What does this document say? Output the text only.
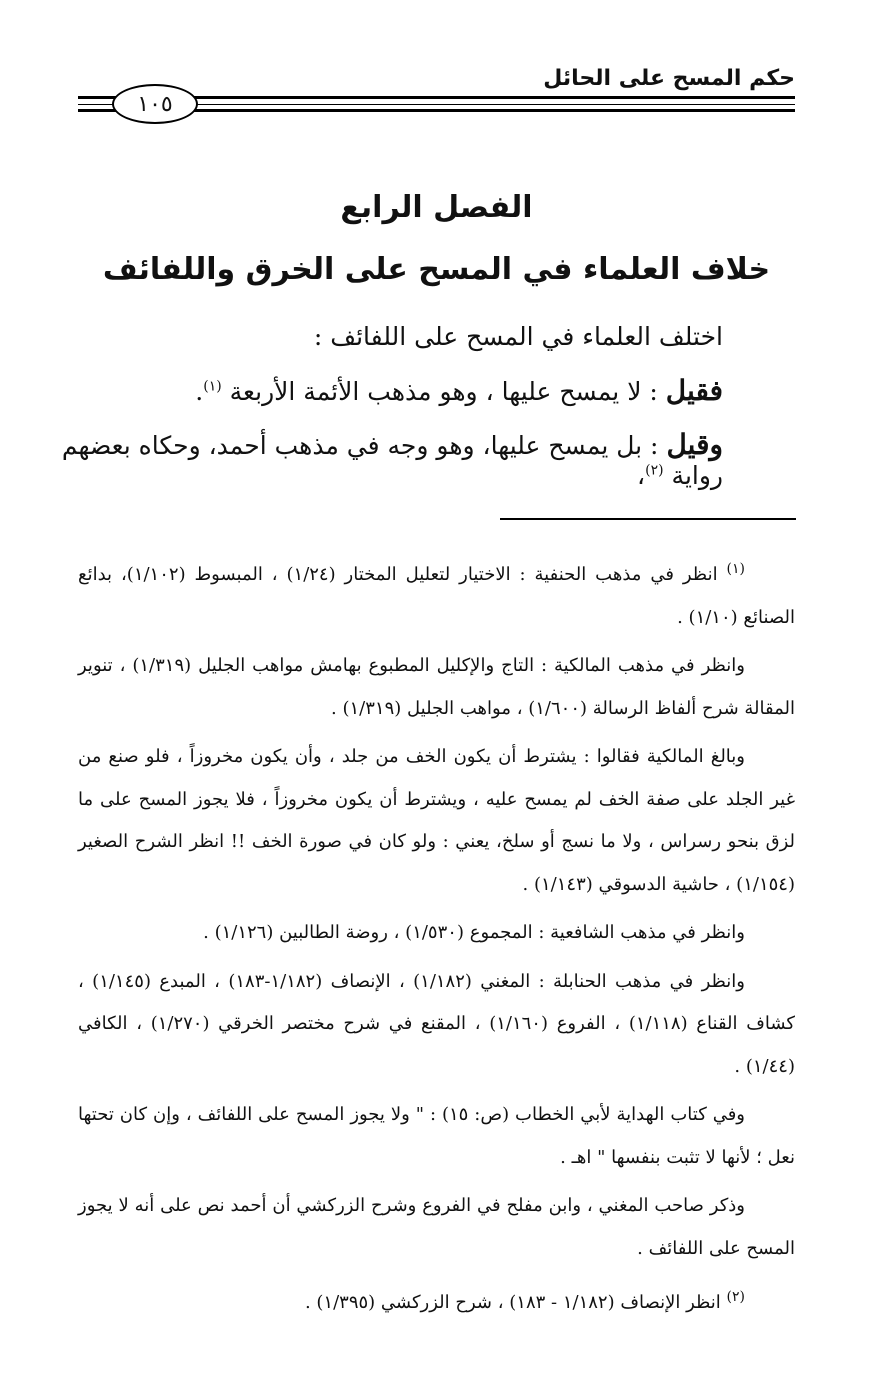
حكم المسح على الحائل
١٠٥
الفصل الرابع
خلاف العلماء في المسح على الخرق واللفائف
اختلف العلماء في المسح على اللفائف :
فقيل : لا يمسح عليها ، وهو مذهب الأئمة الأربعة $^{(١)}$.
وقيل : بل يمسح عليها، وهو وجه في مذهب أحمد، وحكاه بعضهم رواية $^{(٢)}$،

$^{(١)}$ انظر في مذهب الحنفية : الاختيار لتعليل المختار (١/٢٤) ، المبسوط (١/١٠٢)، بدائع الصنائع (١/١٠) .

وانظر في مذهب المالكية : التاج والإكليل المطبوع بهامش مواهب الجليل (١/٣١٩) ، تنوير المقالة شرح ألفاظ الرسالة (١/٦٠٠) ، مواهب الجليل (١/٣١٩) .

وبالغ المالكية فقالوا : يشترط أن يكون الخف من جلد ، وأن يكون مخروزاً ، فلو صنع من غير الجلد على صفة الخف لم يمسح عليه ، ويشترط أن يكون مخروزاً ، فلا يجوز المسح على ما لزق بنحو رسراس ، ولا ما نسج أو سلخ، يعني : ولو كان في صورة الخف !! انظر الشرح الصغير (١/١٥٤) ، حاشية الدسوقي (١/١٤٣) .

وانظر في مذهب الشافعية : المجموع (١/٥٣٠) ، روضة الطالبين (١/١٢٦) .

وانظر في مذهب الحنابلة : المغني (١/١٨٢) ، الإنصاف (١/١٨٢-١٨٣) ، المبدع (١/١٤٥) ، كشاف القناع (١/١١٨) ، الفروع (١/١٦٠) ، المقنع في شرح مختصر الخرقي (١/٢٧٠) ، الكافي (١/٤٤) .

وفي كتاب الهداية لأبي الخطاب (ص: ١٥) : " ولا يجوز المسح على اللفائف ، وإن كان تحتها نعل ؛ لأنها لا تثبت بنفسها " اهـ .

وذكر صاحب المغني ، وابن مفلح في الفروع وشرح الزركشي أن أحمد نص على أنه لا يجوز المسح على اللفائف .

$^{(٢)}$ انظر الإنصاف (١/١٨٢ - ١٨٣) ، شرح الزركشي (١/٣٩٥) .
